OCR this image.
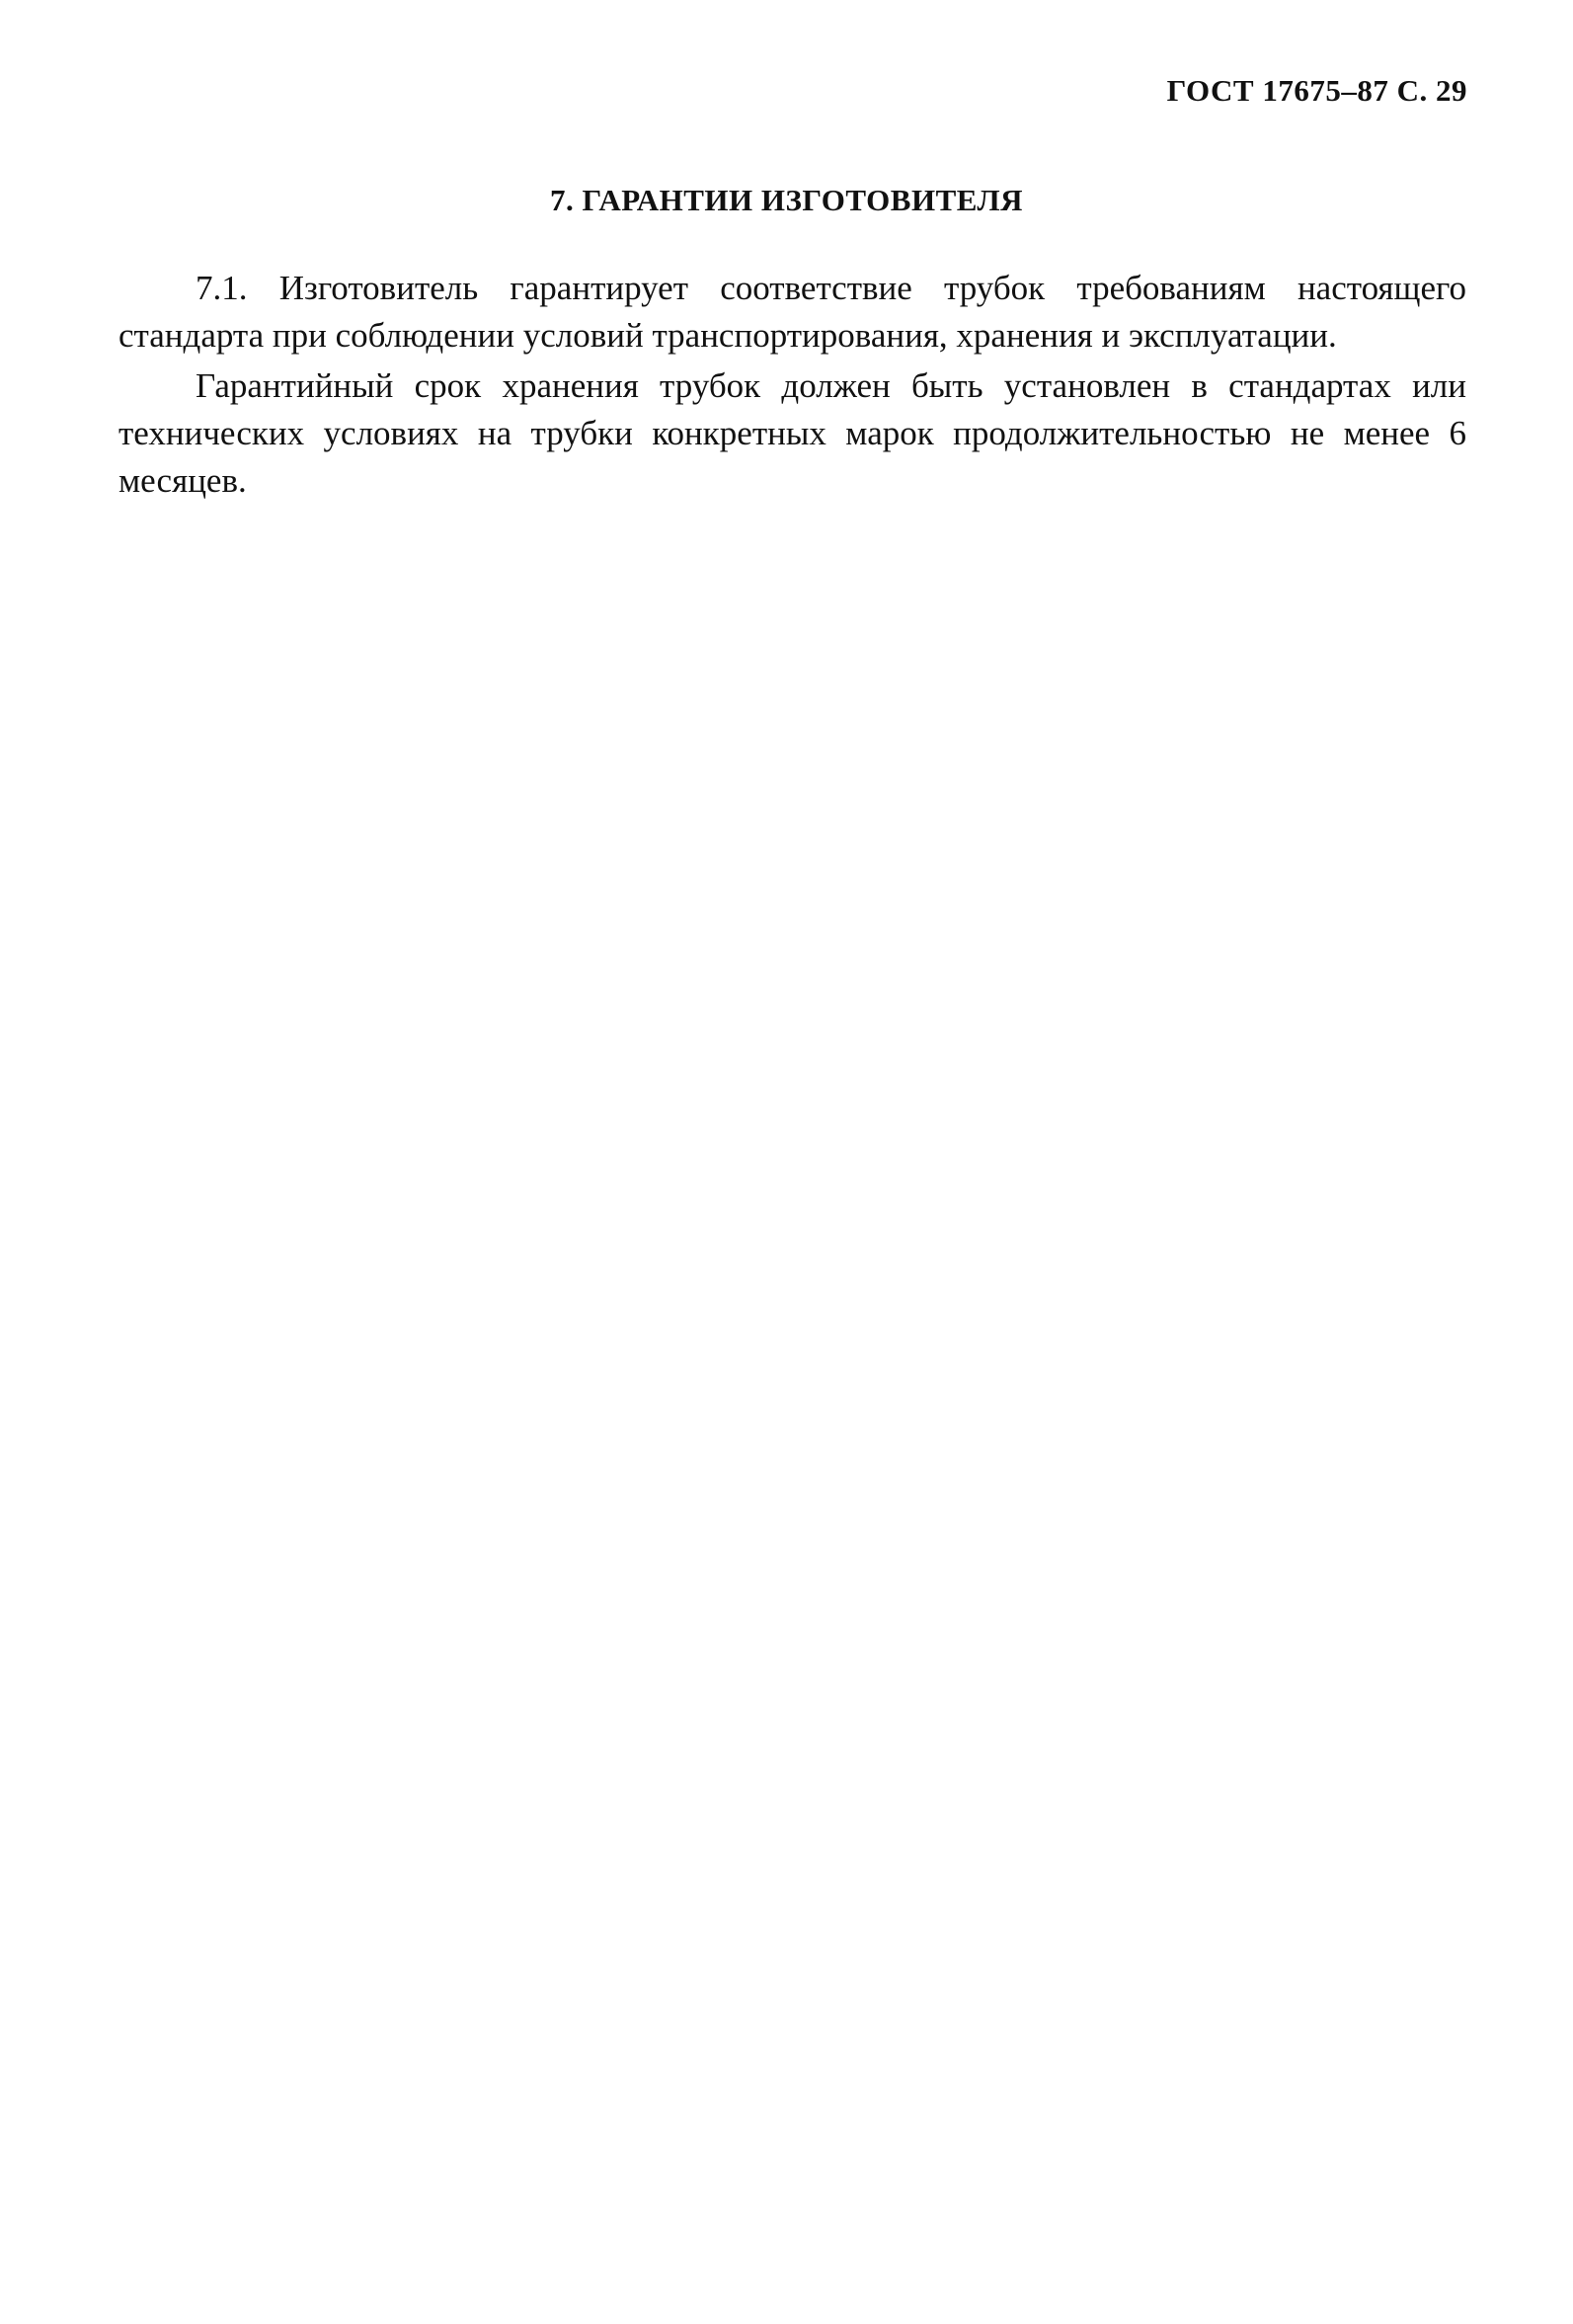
ГОСТ 17675–87 С. 29
7. ГАРАНТИИ ИЗГОТОВИТЕЛЯ

7.1. Изготовитель гарантирует соответствие трубок требованиям настоящего стандарта при соблюдении условий транспортирования, хранения и эксплуатации.

Гарантийный срок хранения трубок должен быть установлен в стандартах или технических условиях на трубки конкретных марок продолжительностью не менее 6 месяцев.
